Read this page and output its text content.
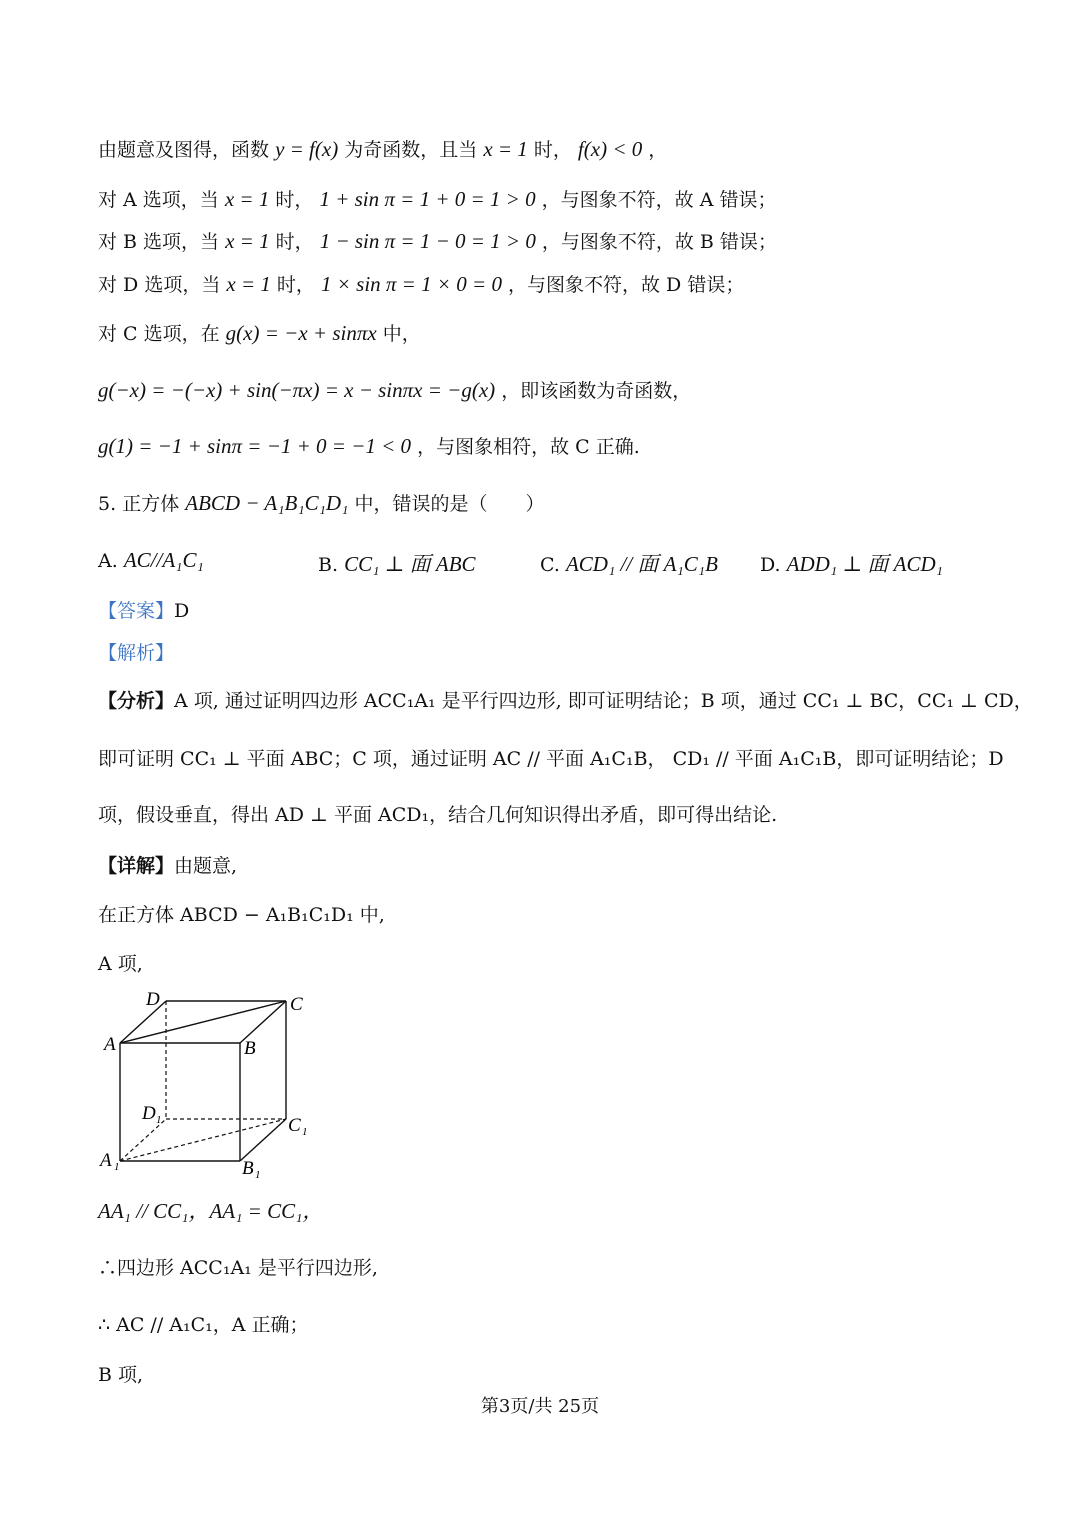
由题意及图得，函数 y = f(x) 为奇函数，且当 x = 1 时， f(x) < 0 ，
对 A 选项，当 x = 1 时， 1 + sin π = 1 + 0 = 1 > 0 ，与图象不符，故 A 错误；
对 B 选项，当 x = 1 时， 1 − sin π = 1 − 0 = 1 > 0 ，与图象不符，故 B 错误；
对 D 选项，当 x = 1 时， 1 × sin π = 1 × 0 = 0 ，与图象不符，故 D 错误；
对 C 选项，在 g(x) = −x + sinπx 中，
g(−x) = −(−x) + sin(−πx) = x − sinπx = −g(x) ，即该函数为奇函数，
g(1) = −1 + sinπ = −1 + 0 = −1 < 0 ，与图象相符，故 C 正确.
5. 正方体 ABCD − A₁B₁C₁D₁ 中，错误的是（　　）
A. AC//A₁C₁	B. CC₁ ⊥ 面 ABC	C. ACD₁ // 面 A₁C₁B D. ADD₁ ⊥ 面 ACD₁
【答案】D
【解析】
【分析】A 项, 通过证明四边形 ACC₁A₁ 是平行四边形, 即可证明结论；B 项，通过 CC₁ ⊥ BC，CC₁ ⊥ CD，
即可证明 CC₁ ⊥ 平面 ABC；C 项，通过证明 AC // 平面 A₁C₁B， CD₁ // 平面 A₁C₁B，即可证明结论；D
项，假设垂直，得出 AD ⊥ 平面 ACD₁，结合几何知识得出矛盾，即可得出结论.
【详解】由题意,
在正方体 ABCD − A₁B₁C₁D₁ 中,
A 项,
D	C
A	B
D 1	C 1
A 1	B 1
AA₁ // CC₁，AA₁ = CC₁，
∴四边形 ACC₁A₁ 是平行四边形,
∴ AC // A₁C₁，A 正确；
B 项,
第3页/共 25页
